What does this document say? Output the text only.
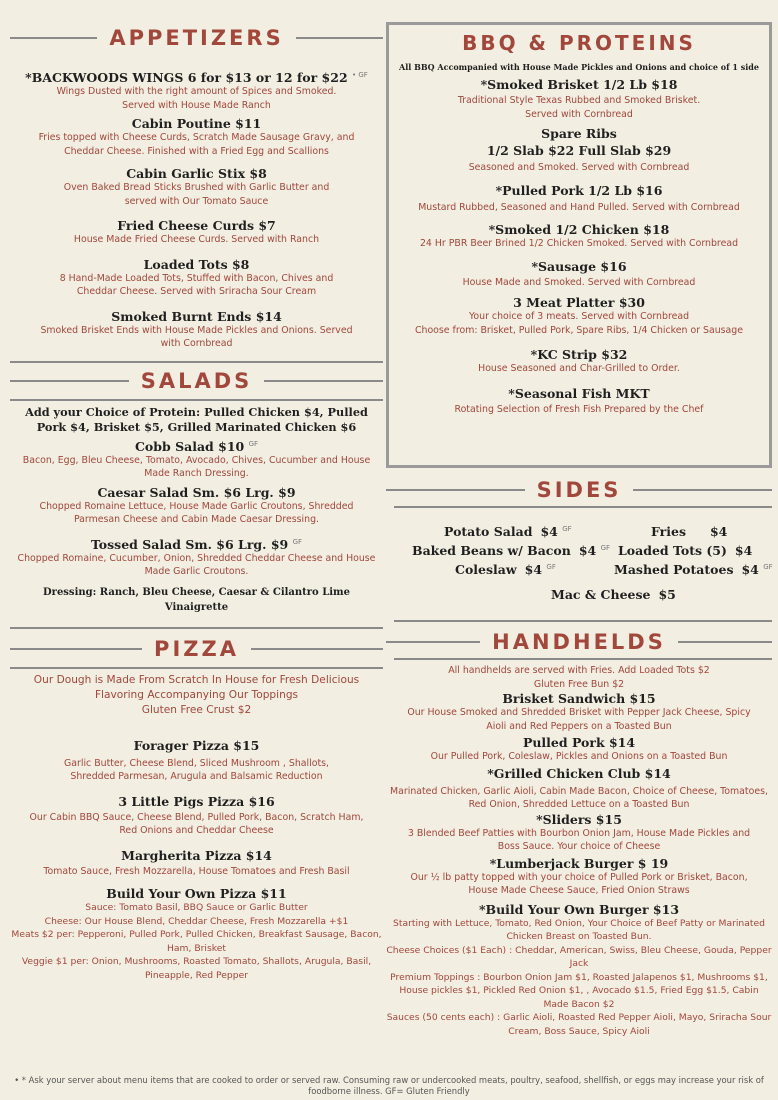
APPETIZERS
*BACKWOODS WINGS 6 for $13 or 12 for $22 $^{• GF}$
Wings Dusted with the right amount of Spices and Smoked. Served with House Made Ranch
Cabin Poutine $11
Fries topped with Cheese Curds, Scratch Made Sausage Gravy, and Cheddar Cheese. Finished with a Fried Egg and Scallions
Cabin Garlic Stix $8
Oven Baked Bread Sticks Brushed with Garlic Butter and served with Our Tomato Sauce
Fried Cheese Curds $7
House Made Fried Cheese Curds. Served with Ranch
Loaded Tots $8
8 Hand-Made Loaded Tots, Stuffed with Bacon, Chives and Cheddar Cheese. Served with Sriracha Sour Cream
Smoked Burnt Ends $14
Smoked Brisket Ends with House Made Pickles and Onions. Served with Cornbread
SALADS
Add your Choice of Protein: Pulled Chicken $4, Pulled Pork $4, Brisket $5, Grilled Marinated Chicken $6
Cobb Salad $10 $^{GF}$
Bacon, Egg, Bleu Cheese, Tomato, Avocado, Chives, Cucumber and House Made Ranch Dressing.
Caesar Salad Sm. $6 Lrg. $9
Chopped Romaine Lettuce, House Made Garlic Croutons, Shredded Parmesan Cheese and Cabin Made Caesar Dressing.
Tossed Salad Sm. $6 Lrg. $9 $^{GF}$
Chopped Romaine, Cucumber, Onion, Shredded Cheddar Cheese and House Made Garlic Croutons.
Dressing: Ranch, Bleu Cheese, Caesar & Cilantro Lime Vinaigrette
PIZZA
Our Dough is Made From Scratch In House for Fresh Delicious Flavoring Accompanying Our Toppings
Gluten Free Crust $2
Forager Pizza $15
Garlic Butter, Cheese Blend, Sliced Mushroom , Shallots, Shredded Parmesan, Arugula and Balsamic Reduction
3 Little Pigs Pizza $16
Our Cabin BBQ Sauce, Cheese Blend, Pulled Pork, Bacon, Scratch Ham, Red Onions and Cheddar Cheese
Margherita Pizza $14
Tomato Sauce, Fresh Mozzarella, House Tomatoes and Fresh Basil
Build Your Own Pizza $11
Sauce: Tomato Basil, BBQ Sauce or Garlic Butter
Cheese: Our House Blend, Cheddar Cheese, Fresh Mozzarella +$1
Meats $2 per: Pepperoni, Pulled Pork, Pulled Chicken, Breakfast Sausage, Bacon, Ham, Brisket
Veggie $1 per: Onion, Mushrooms, Roasted Tomato, Shallots, Arugula, Basil, Pineapple, Red Pepper
BBQ & PROTEINS
All BBQ Accompanied with House Made Pickles and Onions and choice of 1 side
*Smoked Brisket 1/2 Lb $18
Traditional Style Texas Rubbed and Smoked Brisket. Served with Cornbread
Spare Ribs
1/2 Slab $22 Full Slab $29
Seasoned and Smoked. Served with Cornbread
*Pulled Pork 1/2 Lb $16
Mustard Rubbed, Seasoned and Hand Pulled. Served with Cornbread
*Smoked 1/2 Chicken $18
24 Hr PBR Beer Brined 1/2 Chicken Smoked. Served with Cornbread
*Sausage $16
House Made and Smoked. Served with Cornbread
3 Meat Platter $30
Your choice of 3 meats. Served with Cornbread
Choose from: Brisket, Pulled Pork, Spare Ribs, 1/4 Chicken or Sausage
*KC Strip $32
House Seasoned and Char-Grilled to Order.
*Seasonal Fish MKT
Rotating Selection of Fresh Fish Prepared by the Chef
SIDES
Potato Salad $4 $^{GF}$
Baked Beans w/ Bacon $4 $^{GF}$
Coleslaw $4 $^{GF}$
Fries $4
Loaded Tots (5) $4
Mashed Potatoes $4 $^{GF}$
Mac & Cheese $5
HANDHELDS
All handhelds are served with Fries. Add Loaded Tots $2
Gluten Free Bun $2
Brisket Sandwich $15
Our House Smoked and Shredded Brisket with Pepper Jack Cheese, Spicy Aioli and Red Peppers on a Toasted Bun
Pulled Pork $14
Our Pulled Pork, Coleslaw, Pickles and Onions on a Toasted Bun
*Grilled Chicken Club $14
Marinated Chicken, Garlic Aioli, Cabin Made Bacon, Choice of Cheese, Tomatoes, Red Onion, Shredded Lettuce on a Toasted Bun
*Sliders $15
3 Blended Beef Patties with Bourbon Onion Jam, House Made Pickles and Boss Sauce. Your choice of Cheese
*Lumberjack Burger $ 19
Our ½ lb patty topped with your choice of Pulled Pork or Brisket, Bacon, House Made Cheese Sauce, Fried Onion Straws
*Build Your Own Burger $13
Starting with Lettuce, Tomato, Red Onion, Your Choice of Beef Patty or Marinated Chicken Breast on Toasted Bun.
Cheese Choices ($1 Each) : Cheddar, American, Swiss, Bleu Cheese, Gouda, Pepper Jack
Premium Toppings : Bourbon Onion Jam $1, Roasted Jalapenos $1, Mushrooms $1, House pickles $1, Pickled Red Onion $1, , Avocado $1.5, Fried Egg $1.5, Cabin Made Bacon $2
Sauces (50 cents each) : Garlic Aioli, Roasted Red Pepper Aioli, Mayo, Sriracha Sour Cream, Boss Sauce, Spicy Aioli
• * Ask your server about menu items that are cooked to order or served raw. Consuming raw or undercooked meats, poultry, seafood, shellfish, or eggs may increase your risk of foodborne illness. GF= Gluten Friendly
